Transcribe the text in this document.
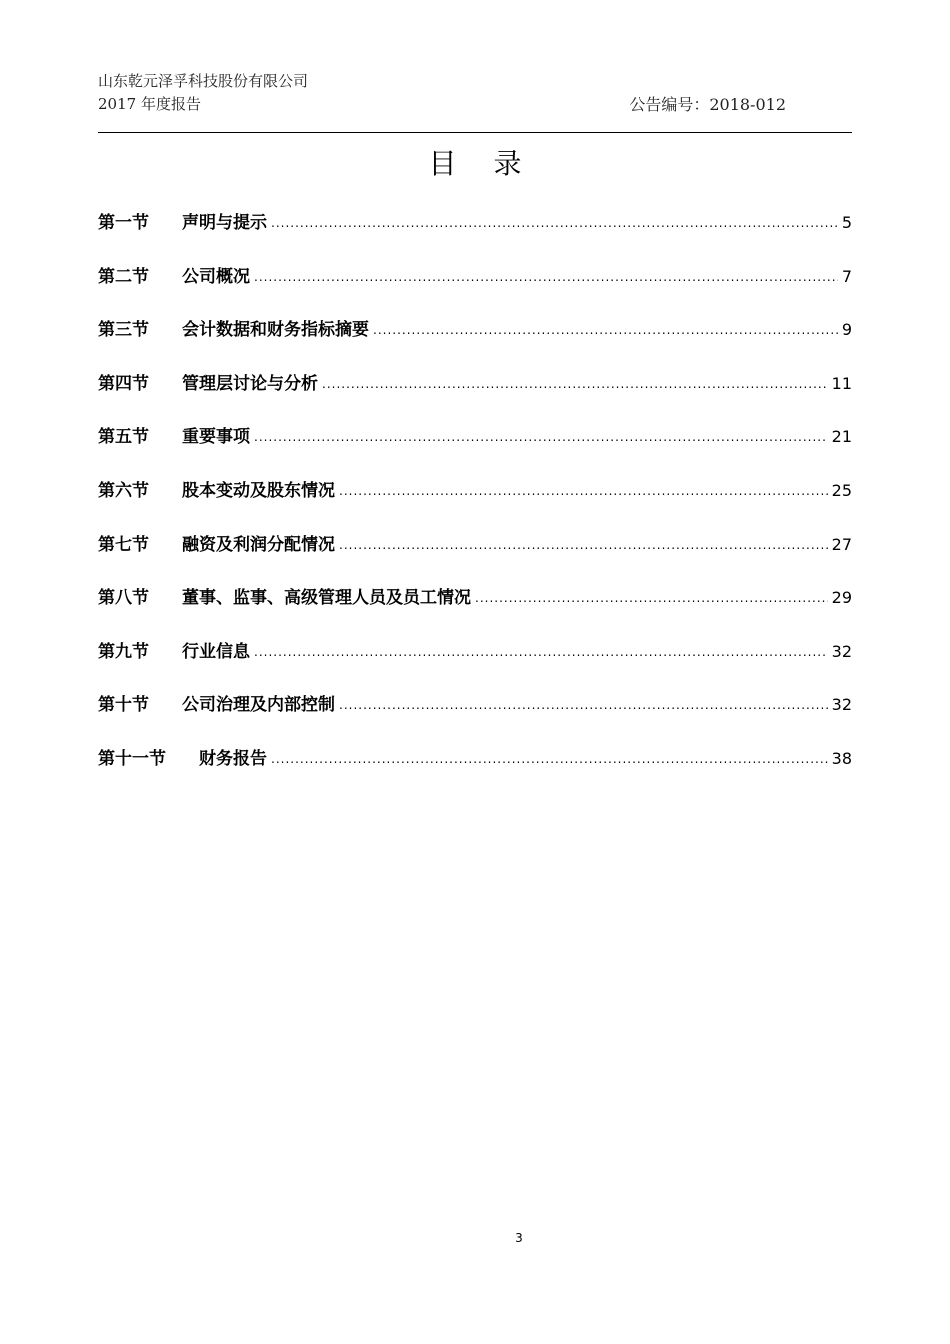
山东乾元泽孚科技股份有限公司
2017 年度报告	公告编号：2018-012
目 录
第一节	声明与提示 .....	5
第二节	公司概况 .....	7
第三节	会计数据和财务指标摘要 .....	9
第四节	管理层讨论与分析 .....	11
第五节	重要事项 .....	21
第六节	股本变动及股东情况 .....	25
第七节	融资及利润分配情况 .....	27
第八节	董事、监事、高级管理人员及员工情况 .....	29
第九节	行业信息 .....	32
第十节	公司治理及内部控制 .....	32
第十一节	财务报告 .....	38
3
